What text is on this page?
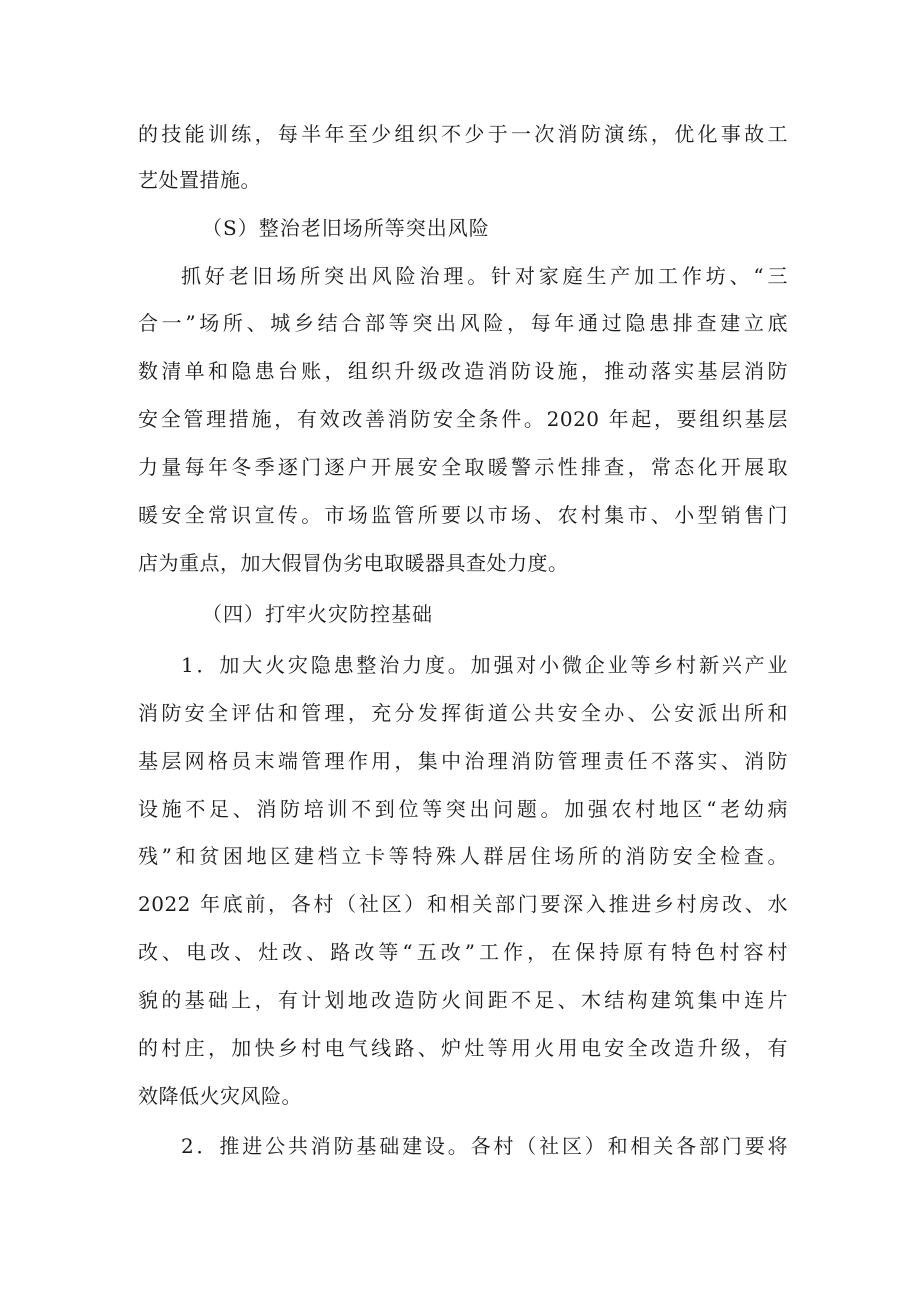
的技能训练，每半年至少组织不少于一次消防演练，优化事故工
艺处置措施。
（S）整治老旧场所等突出风险
抓好老旧场所突出风险治理。针对家庭生产加工作坊、“三
合一”场所、城乡结合部等突出风险，每年通过隐患排查建立底
数清单和隐患台账，组织升级改造消防设施，推动落实基层消防
安全管理措施，有效改善消防安全条件。2020 年起，要组织基层
力量每年冬季逐门逐户开展安全取暖警示性排查，常态化开展取
暖安全常识宣传。市场监管所要以市场、农村集市、小型销售门
店为重点，加大假冒伪劣电取暖器具查处力度。
（四）打牢火灾防控基础
1．加大火灾隐患整治力度。加强对小微企业等乡村新兴产业
消防安全评估和管理，充分发挥街道公共安全办、公安派出所和
基层网格员末端管理作用，集中治理消防管理责任不落实、消防
设施不足、消防培训不到位等突出问题。加强农村地区“老幼病
残”和贫困地区建档立卡等特殊人群居住场所的消防安全检查。
2022 年底前，各村（社区）和相关部门要深入推进乡村房改、水
改、电改、灶改、路改等“五改”工作，在保持原有特色村容村
貌的基础上，有计划地改造防火间距不足、木结构建筑集中连片
的村庄，加快乡村电气线路、炉灶等用火用电安全改造升级，有
效降低火灾风险。
2．推进公共消防基础建设。各村（社区）和相关各部门要将
